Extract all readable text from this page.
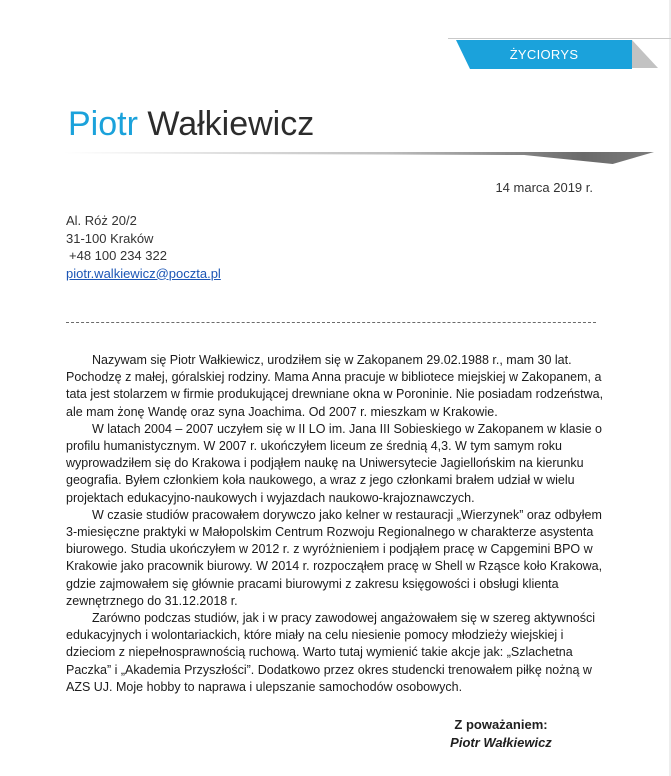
ŻYCIORYS
Piotr Wałkiewicz
14 marca 2019 r.
Al. Róż 20/2
31-100 Kraków
+48 100 234 322
piotr.walkiewicz@poczta.pl

Nazywam się Piotr Wałkiewicz, urodziłem się w Zakopanem 29.02.1988 r., mam 30 lat. Pochodzę z małej, góralskiej rodziny. Mama Anna pracuje w bibliotece miejskiej w Zakopanem, a tata jest stolarzem w firmie produkującej drewniane okna w Poroninie. Nie posiadam rodzeństwa, ale mam żonę Wandę oraz syna Joachima. Od 2007 r. mieszkam w Krakowie.

W latach 2004 – 2007 uczyłem się w II LO im. Jana III Sobieskiego w Zakopanem w klasie o profilu humanistycznym. W 2007 r. ukończyłem liceum ze średnią 4,3. W tym samym roku wyprowadziłem się do Krakowa i podjąłem naukę na Uniwersytecie Jagiellońskim na kierunku geografia. Byłem członkiem koła naukowego, a wraz z jego członkami brałem udział w wielu projektach edukacyjno-naukowych i wyjazdach naukowo-krajoznawczych.

W czasie studiów pracowałem dorywczo jako kelner w restauracji „Wierzynek” oraz odbyłem 3-miesięczne praktyki w Małopolskim Centrum Rozwoju Regionalnego w charakterze asystenta biurowego. Studia ukończyłem w 2012 r. z wyróżnieniem i podjąłem pracę w Capgemini BPO w Krakowie jako pracownik biurowy. W 2014 r. rozpocząłem pracę w Shell w Rząsce koło Krakowa, gdzie zajmowałem się głównie pracami biurowymi z zakresu księgowości i obsługi klienta zewnętrznego do 31.12.2018 r.

Zarówno podczas studiów, jak i w pracy zawodowej angażowałem się w szereg aktywności edukacyjnych i wolontariackich, które miały na celu niesienie pomocy młodzieży wiejskiej i dzieciom z niepełnosprawnością ruchową. Warto tutaj wymienić takie akcje jak: „Szlachetna Paczka” i „Akademia Przyszłości”. Dodatkowo przez okres studencki trenowałem piłkę nożną w AZS UJ. Moje hobby to naprawa i ulepszanie samochodów osobowych.

Z poważaniem:
Piotr Wałkiewicz
